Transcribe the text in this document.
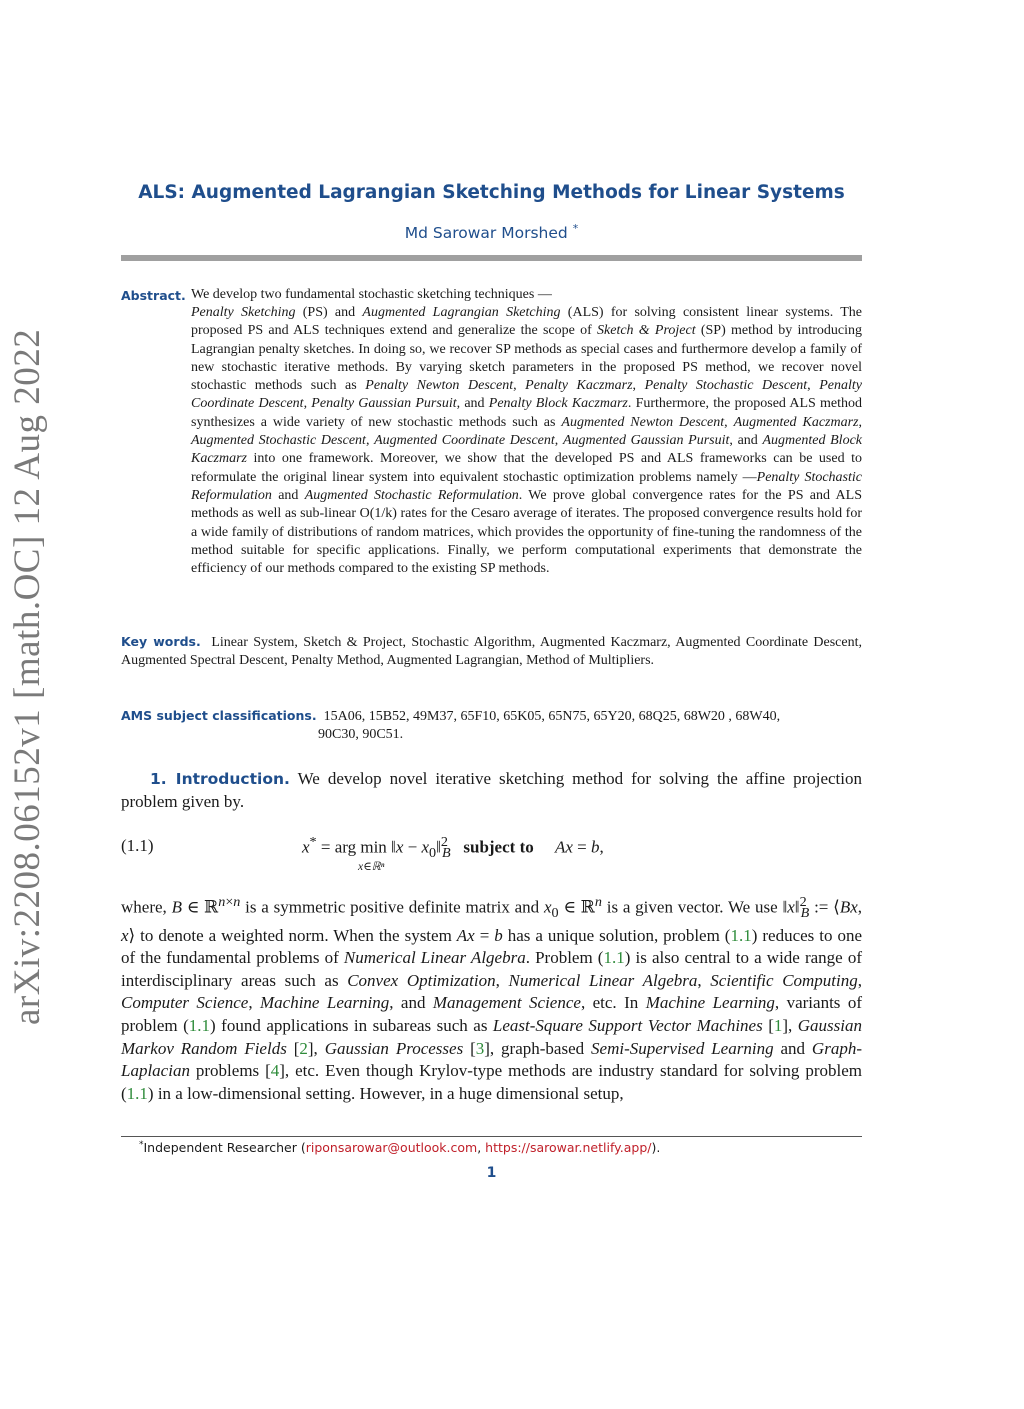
arXiv:2208.06152v1 [math.OC] 12 Aug 2022
ALS: Augmented Lagrangian Sketching Methods for Linear Systems
Md Sarowar Morshed *
Abstract. We develop two fundamental stochastic sketching techniques —
Penalty Sketching (PS) and Augmented Lagrangian Sketching (ALS) for solving consistent linear systems. The proposed PS and ALS techniques extend and generalize the scope of Sketch & Project (SP) method by introducing Lagrangian penalty sketches. In doing so, we recover SP methods as special cases and furthermore develop a family of new stochastic iterative methods. By varying sketch parameters in the proposed PS method, we recover novel stochastic methods such as Penalty Newton Descent, Penalty Kaczmarz, Penalty Stochastic Descent, Penalty Coordinate Descent, Penalty Gaussian Pursuit, and Penalty Block Kaczmarz. Furthermore, the proposed ALS method synthesizes a wide variety of new stochastic methods such as Augmented Newton Descent, Augmented Kaczmarz, Augmented Stochastic Descent, Augmented Coordinate Descent, Augmented Gaussian Pursuit, and Augmented Block Kaczmarz into one framework. Moreover, we show that the developed PS and ALS frameworks can be used to reformulate the original linear system into equivalent stochastic optimization problems namely —Penalty Stochastic Reformulation and Augmented Stochastic Reformulation. We prove global convergence rates for the PS and ALS methods as well as sub-linear O(1/k) rates for the Cesaro average of iterates. The proposed convergence results hold for a wide family of distributions of random matrices, which provides the opportunity of fine-tuning the randomness of the method suitable for specific applications. Finally, we perform computational experiments that demonstrate the efficiency of our methods compared to the existing SP methods.
Key words. Linear System, Sketch & Project, Stochastic Algorithm, Augmented Kaczmarz, Augmented Coordinate Descent, Augmented Spectral Descent, Penalty Method, Augmented Lagrangian, Method of Multipliers.
AMS subject classifications. 15A06, 15B52, 49M37, 65F10, 65K05, 65N75, 65Y20, 68Q25, 68W20 , 68W40,
90C30, 90C51.
1. Introduction. We develop novel iterative sketching method for solving the affine projection problem given by.
(1.1)	x* = arg min ‖x − $x_0‖^2_B$ subject to Ax = b,
x∈ℝⁿ
where, B ∈ ℝ$^{n\times n}$ is a symmetric positive definite matrix and $x_0$ ∈ ℝ$^n$ is a given vector. We use ‖x‖$^2_B$ := ⟨Bx, x⟩ to denote a weighted norm. When the system Ax = b has a unique solution, problem (1.1) reduces to one of the fundamental problems of Numerical Linear Algebra. Problem (1.1) is also central to a wide range of interdisciplinary areas such as Convex Optimization, Numerical Linear Algebra, Scientific Computing, Computer Science, Machine Learning, and Management Science, etc. In Machine Learning, variants of problem (1.1) found applications in subareas such as Least-Square Support Vector Machines [1], Gaussian Markov Random Fields [2], Gaussian Processes [3], graph-based Semi-Supervised Learning and Graph-Laplacian problems [4], etc. Even though Krylov-type methods are industry standard for solving problem (1.1) in a low-dimensional setting. However, in a huge dimensional setup,
*Independent Researcher (riponsarowar@outlook.com, https://sarowar.netlify.app/).
1
